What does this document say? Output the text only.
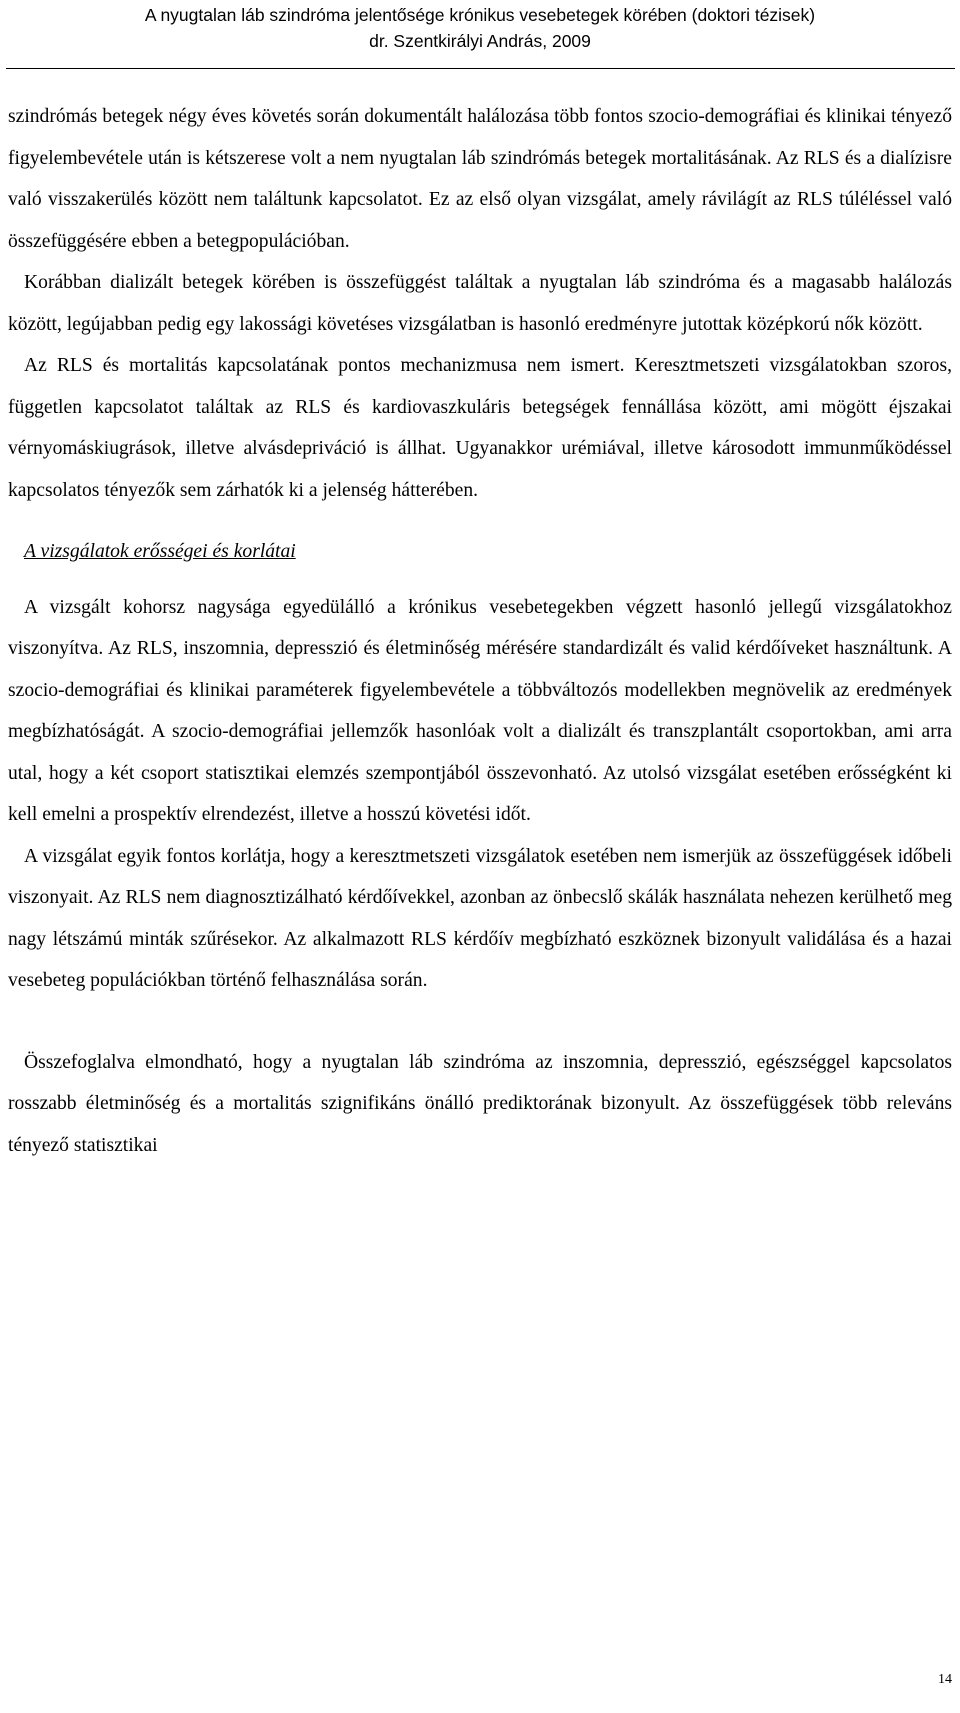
A nyugtalan láb szindróma jelentősége krónikus vesebetegek körében (doktori tézisek)
dr. Szentkirályi András, 2009

szindrómás betegek négy éves követés során dokumentált halálozása több fontos szocio-demográfiai és klinikai tényező figyelembevétele után is kétszerese volt a nem nyugtalan láb szindrómás betegek mortalitásának. Az RLS és a dialízisre való visszakerülés között nem találtunk kapcsolatot. Ez az első olyan vizsgálat, amely rávilágít az RLS túléléssel való összefüggésére ebben a betegpopulációban.

Korábban dializált betegek körében is összefüggést találtak a nyugtalan láb szindróma és a magasabb halálozás között, legújabban pedig egy lakossági követéses vizsgálatban is hasonló eredményre jutottak középkorú nők között.

Az RLS és mortalitás kapcsolatának pontos mechanizmusa nem ismert. Keresztmetszeti vizsgálatokban szoros, független kapcsolatot találtak az RLS és kardiovaszkuláris betegségek fennállása között, ami mögött éjszakai vérnyomáskiugrások, illetve alvásdepriváció is állhat. Ugyanakkor urémiával, illetve károsodott immunműködéssel kapcsolatos tényezők sem zárhatók ki a jelenség hátterében.

A vizsgálatok erősségei és korlátai

A vizsgált kohorsz nagysága egyedülálló a krónikus vesebetegekben végzett hasonló jellegű vizsgálatokhoz viszonyítva. Az RLS, inszomnia, depresszió és életminőség mérésére standardizált és valid kérdőíveket használtunk. A szocio-demográfiai és klinikai paraméterek figyelembevétele a többváltozós modellekben megnövelik az eredmények megbízhatóságát. A szocio-demográfiai jellemzők hasonlóak volt a dializált és transzplantált csoportokban, ami arra utal, hogy a két csoport statisztikai elemzés szempontjából összevonható. Az utolsó vizsgálat esetében erősségként ki kell emelni a prospektív elrendezést, illetve a hosszú követési időt.

A vizsgálat egyik fontos korlátja, hogy a keresztmetszeti vizsgálatok esetében nem ismerjük az összefüggések időbeli viszonyait. Az RLS nem diagnosztizálható kérdőívekkel, azonban az önbecslő skálák használata nehezen kerülhető meg nagy létszámú minták szűrésekor. Az alkalmazott RLS kérdőív megbízható eszköznek bizonyult validálása és a hazai vesebeteg populációkban történő felhasználása során.

Összefoglalva elmondható, hogy a nyugtalan láb szindróma az inszomnia, depresszió, egészséggel kapcsolatos rosszabb életminőség és a mortalitás szignifikáns önálló prediktorának bizonyult. Az összefüggések több releváns tényező statisztikai

14
